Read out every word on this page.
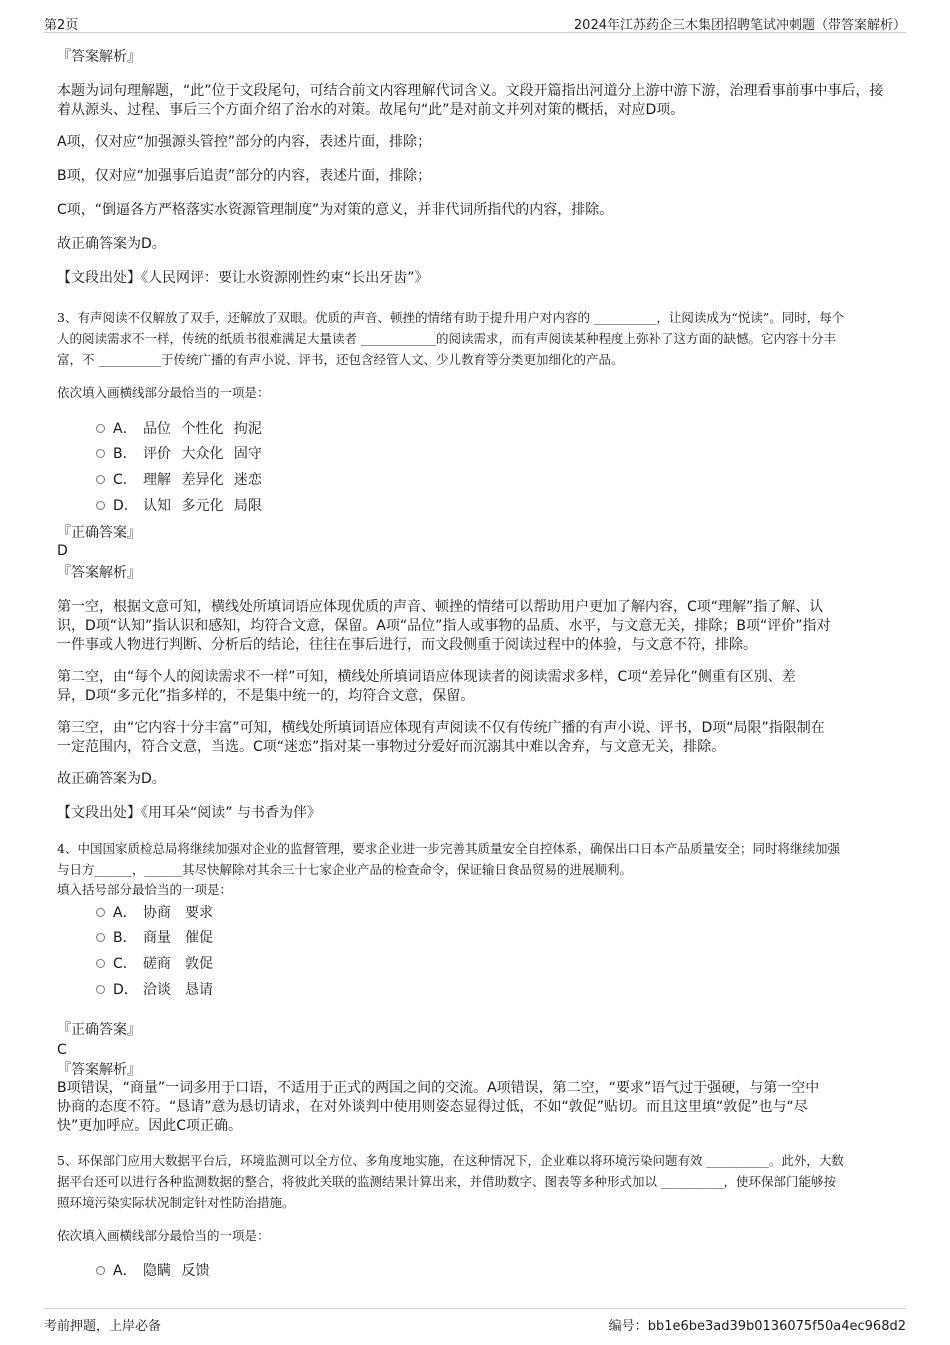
第2页	2024年江苏药企三木集团招聘笔试冲刺题（带答案解析）
『答案解析』
本题为词句理解题，“此”位于文段尾句，可结合前文内容理解代词含义。文段开篇指出河道分上游中游下游，治理看事前事中事后，接着从源头、过程、事后三个方面介绍了治水的对策。故尾句“此”是对前文并列对策的概括，对应D项。
A项，仅对应“加强源头管控”部分的内容，表述片面，排除；
B项，仅对应“加强事后追责”部分的内容，表述片面，排除；
C项，“倒逼各方严格落实水资源管理制度”为对策的意义，并非代词所指代的内容，排除。
故正确答案为D。
【文段出处】《人民网评：要让水资源刚性约束“长出牙齿”》
3、有声阅读不仅解放了双手，还解放了双眼。优质的声音、顿挫的情绪有助于提升用户对内容的 __________，让阅读成为“悦读”。同时，每个
人的阅读需求不一样，传统的纸质书很难满足大量读者 ____________的阅读需求，而有声阅读某种程度上弥补了这方面的缺憾。它内容十分丰
富，不 __________于传统广播的有声小说、评书，还包含经管人文、少儿教育等分类更加细化的产品。
依次填入画横线部分最恰当的一项是：
A． 品位 个性化 拘泥
B． 评价 大众化 固守
C． 理解 差异化 迷恋
D． 认知 多元化 局限
『正确答案』
D
『答案解析』
第一空，根据文意可知，横线处所填词语应体现优质的声音、顿挫的情绪可以帮助用户更加了解内容，C项“理解”指了解、认
识，D项“认知”指认识和感知，均符合文意，保留。A项“品位”指人或事物的品质、水平，与文意无关，排除；B项“评价”指对
一件事或人物进行判断、分析后的结论，往往在事后进行，而文段侧重于阅读过程中的体验，与文意不符，排除。
第二空，由“每个人的阅读需求不一样”可知，横线处所填词语应体现读者的阅读需求多样，C项“差异化”侧重有区别、差
异，D项“多元化”指多样的，不是集中统一的，均符合文意，保留。
第三空，由“它内容十分丰富”可知，横线处所填词语应体现有声阅读不仅有传统广播的有声小说、评书，D项“局限”指限制在
一定范围内，符合文意，当选。C项“迷恋”指对某一事物过分爱好而沉溺其中难以舍弃，与文意无关，排除。
故正确答案为D。
【文段出处】《用耳朵“阅读” 与书香为伴》
4、中国国家质检总局将继续加强对企业的监督管理，要求企业进一步完善其质量安全自控体系，确保出口日本产品质量安全；同时将继续加强
与日方______，______其尽快解除对其余三十七家企业产品的检查命令，保证输日食品贸易的进展顺利。
填入括号部分最恰当的一项是：
A． 协商　要求
B． 商量　催促
C． 磋商　敦促
D． 洽谈　恳请
『正确答案』
C
『答案解析』
B项错误，“商量”一词多用于口语，不适用于正式的两国之间的交流。A项错误，第二空，“要求”语气过于强硬，与第一空中
协商的态度不符。“恳请”意为恳切请求，在对外谈判中使用则姿态显得过低，不如“敦促”贴切。而且这里填“敦促”也与“尽
快”更加呼应。因此C项正确。
5、环保部门应用大数据平台后，环境监测可以全方位、多角度地实施，在这种情况下，企业难以将环境污染问题有效 __________。此外，大数
据平台还可以进行各种监测数据的整合，将彼此关联的监测结果计算出来，并借助数字、图表等多种形式加以 __________，使环保部门能够按
照环境污染实际状况制定针对性防治措施。
依次填入画横线部分最恰当的一项是：
A． 隐瞒 反馈
考前押题，上岸必备	编号：bb1e6be3ad39b0136075f50a4ec968d2
